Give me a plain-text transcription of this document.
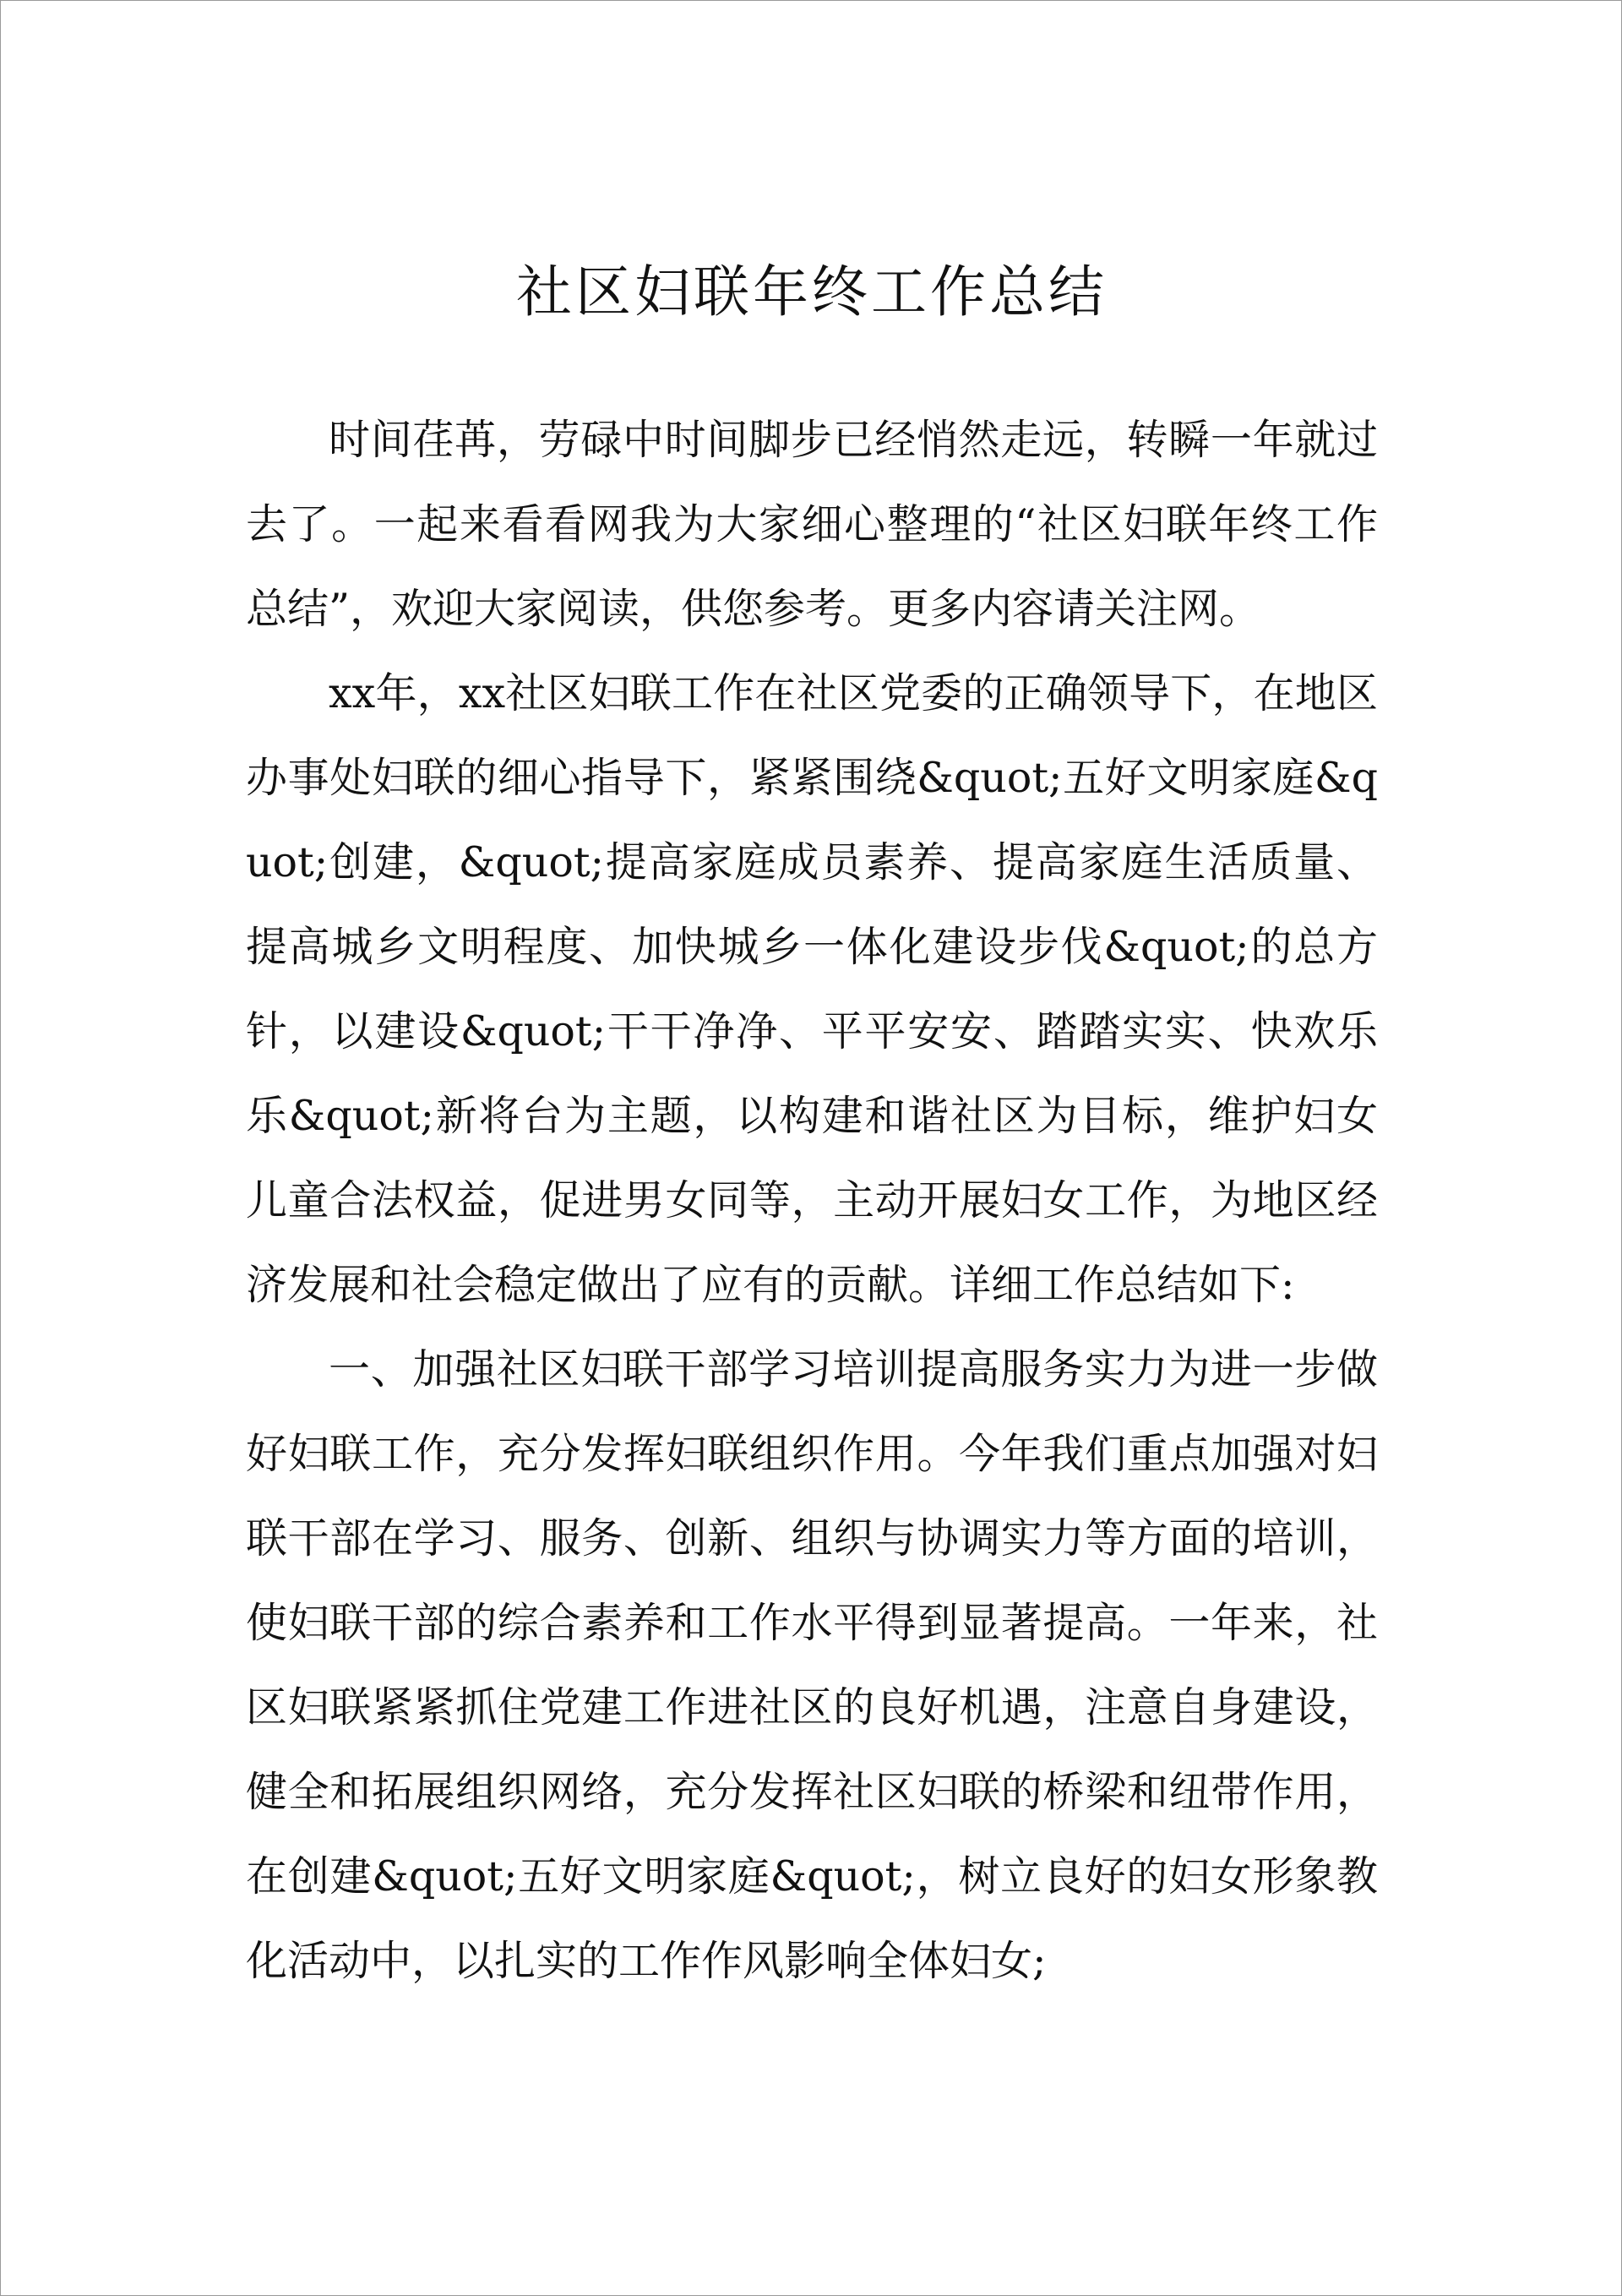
社区妇联年终工作总结

时间荏苒，劳碌中时间脚步已经悄然走远，转瞬一年就过去了。一起来看看网我为大家细心整理的“社区妇联年终工作总结”，欢迎大家阅读，供您参考。更多内容请关注网。

xx年，xx社区妇联工作在社区党委的正确领导下，在地区办事处妇联的细心指导下，紧紧围绕&quot;五好文明家庭&quot;创建，&quot;提高家庭成员素养、提高家庭生活质量、提高城乡文明程度、加快城乡一体化建设步伐&quot;的总方针，以建设&quot;干干净净、平平安安、踏踏实实、快欢乐乐&quot;新将台为主题，以构建和谐社区为目标，维护妇女儿童合法权益，促进男女同等，主动开展妇女工作，为地区经济发展和社会稳定做出了应有的贡献。详细工作总结如下:

一、加强社区妇联干部学习培训提高服务实力为进一步做好妇联工作，充分发挥妇联组织作用。今年我们重点加强对妇联干部在学习、服务、创新、组织与协调实力等方面的培训，使妇联干部的综合素养和工作水平得到显著提高。一年来，社区妇联紧紧抓住党建工作进社区的良好机遇，注意自身建设，健全和拓展组织网络，充分发挥社区妇联的桥梁和纽带作用，在创建&quot;五好文明家庭&quot;，树立良好的妇女形象教化活动中，以扎实的工作作风影响全体妇女;
